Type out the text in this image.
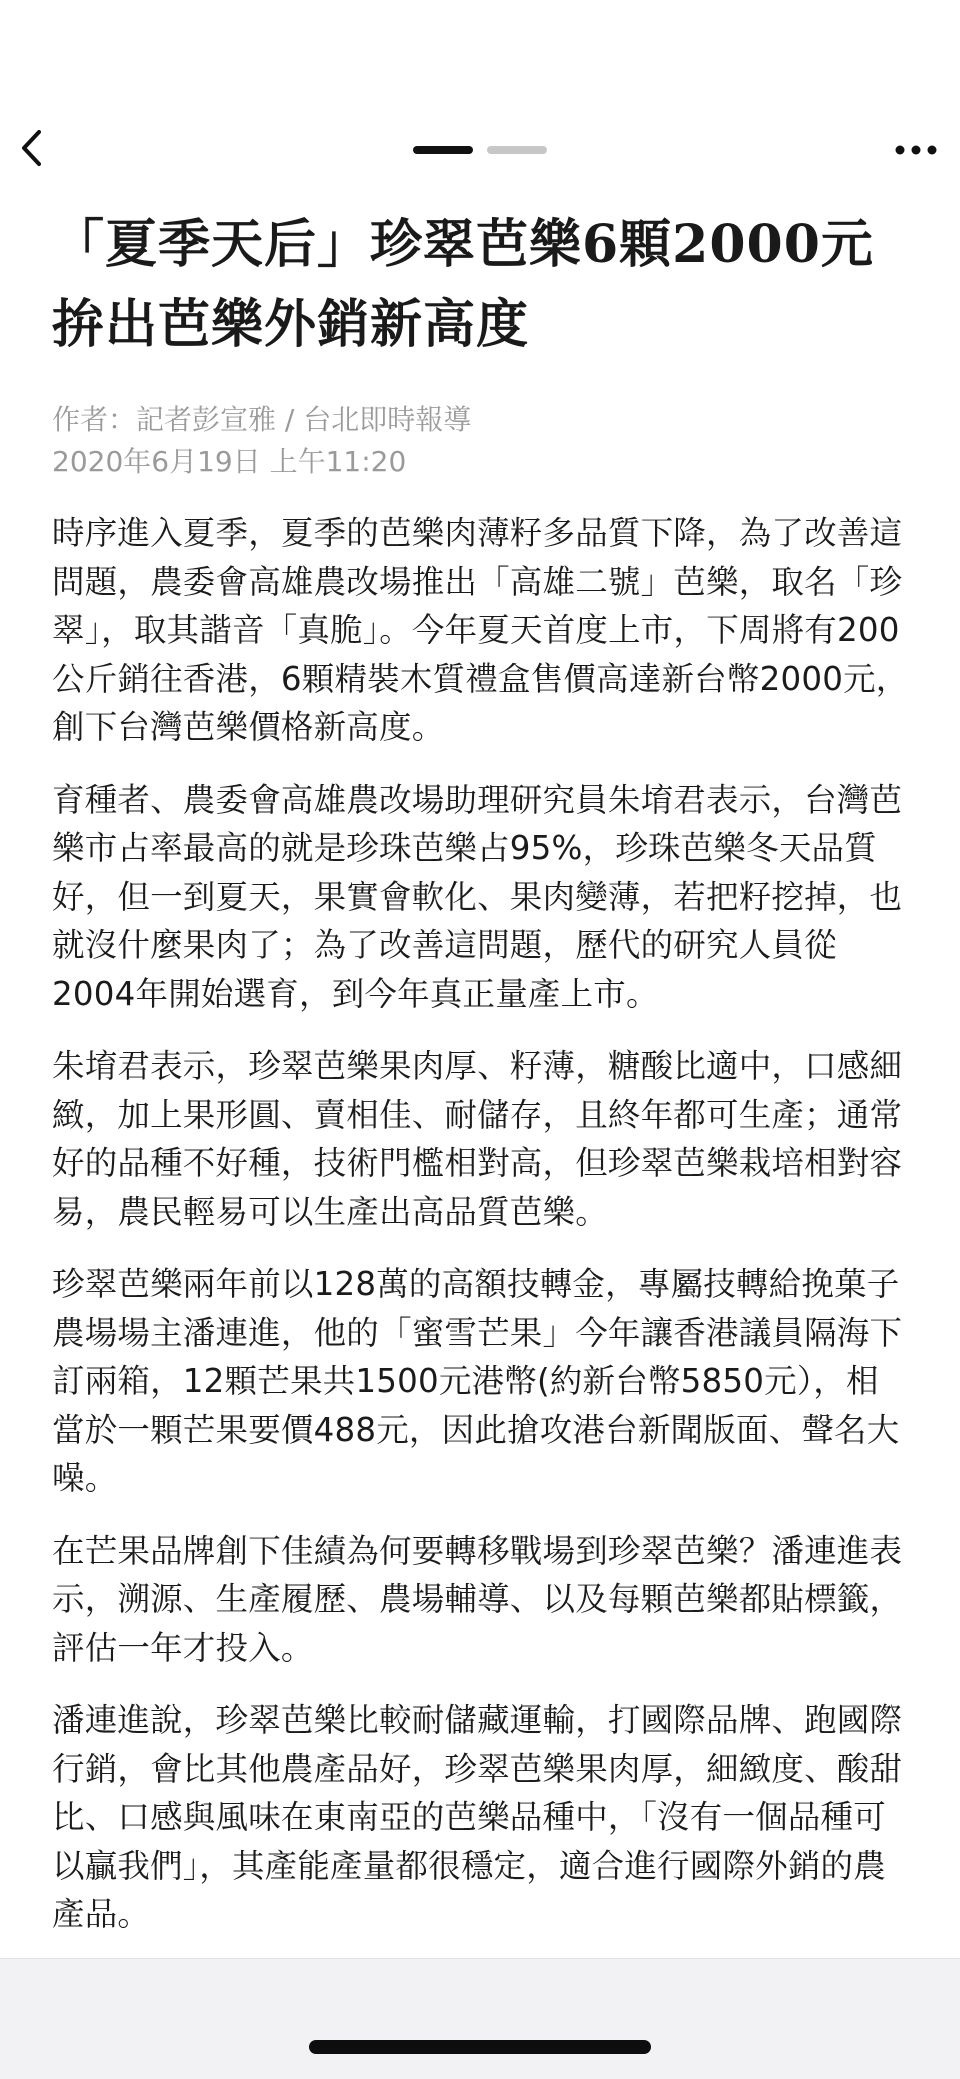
「夏季天后」珍翠芭樂6顆2000元 拚出芭樂外銷新高度
作者：記者彭宣雅 / 台北即時報導
2020年6月19日 上午11:20

時序進入夏季，夏季的芭樂肉薄籽多品質下降，為了改善這問題，農委會高雄農改場推出「高雄二號」芭樂，取名「珍翠」，取其諧音「真脆」。今年夏天首度上市，下周將有200公斤銷往香港，6顆精裝木質禮盒售價高達新台幣2000元，創下台灣芭樂價格新高度。

育種者、農委會高雄農改場助理研究員朱堉君表示，台灣芭樂市占率最高的就是珍珠芭樂占95%，珍珠芭樂冬天品質好，但一到夏天，果實會軟化、果肉變薄，若把籽挖掉，也就沒什麼果肉了；為了改善這問題，歷代的研究人員從2004年開始選育，到今年真正量產上市。

朱堉君表示，珍翠芭樂果肉厚、籽薄，糖酸比適中，口感細緻，加上果形圓、賣相佳、耐儲存，且終年都可生產；通常好的品種不好種，技術門檻相對高，但珍翠芭樂栽培相對容易，農民輕易可以生產出高品質芭樂。

珍翠芭樂兩年前以128萬的高額技轉金，專屬技轉給挽菓子農場場主潘連進，他的「蜜雪芒果」今年讓香港議員隔海下訂兩箱，12顆芒果共1500元港幣(約新台幣5850元），相當於一顆芒果要價488元，因此搶攻港台新聞版面、聲名大噪。

在芒果品牌創下佳績為何要轉移戰場到珍翠芭樂？潘連進表示，溯源、生產履歷、農場輔導、以及每顆芭樂都貼標籤，評估一年才投入。

潘連進說，珍翠芭樂比較耐儲藏運輸，打國際品牌、跑國際行銷，會比其他農產品好，珍翠芭樂果肉厚，細緻度、酸甜比、口感與風味在東南亞的芭樂品種中，「沒有一個品種可以贏我們」，其產能產量都很穩定，適合進行國際外銷的農產品。
